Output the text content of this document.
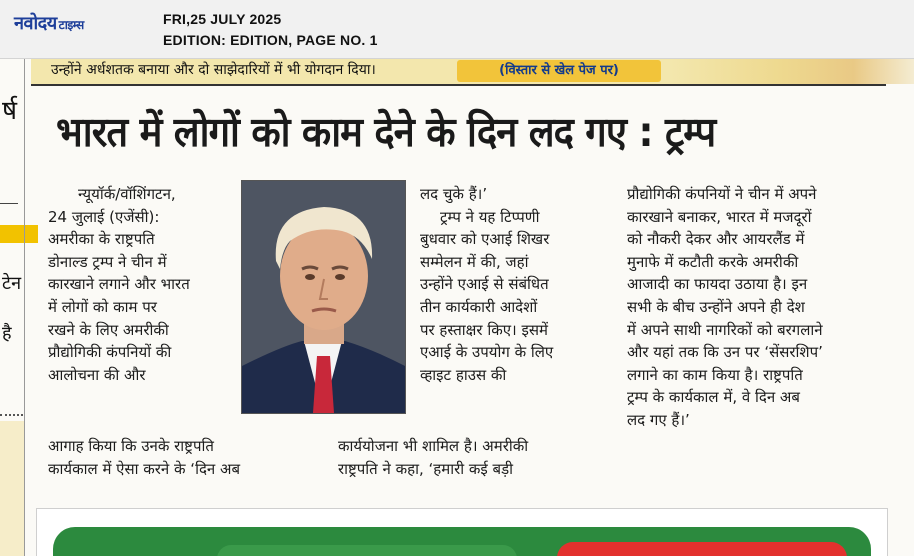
नवोदय टाइम्स	FRI,25 JULY 2025
EDITION: EDITION, PAGE NO. 1
र्ष
टेन
है
उन्होंने अर्धशतक बनाया और दो साझेदारियों में भी योगदान दिया।	(विस्तार से खेल पेज पर)
भारत में लोगों को काम देने के दिन लद गए : ट्रम्प

न्यूयॉर्क/वॉशिंगटन,

24 जुलाई (एजेंसी):

अमरीका के राष्ट्रपति

डोनाल्ड ट्रम्प ने चीन में

कारखाने लगाने और भारत

में लोगों को काम पर

रखने के लिए अमरीकी

प्रौद्योगिकी कंपनियों की

आलोचना की और

लद चुके हैं।’

ट्रम्प ने यह टिप्पणी

बुधवार को एआई शिखर

सम्मेलन में की, जहां

उन्होंने एआई से संबंधित

तीन कार्यकारी आदेशों

पर हस्ताक्षर किए। इसमें

एआई के उपयोग के लिए

व्हाइट हाउस की

आगाह किया कि उनके राष्ट्रपति

कार्यकाल में ऐसा करने के ‘दिन अब

कार्ययोजना भी शामिल है। अमरीकी

राष्ट्रपति ने कहा, ‘हमारी कई बड़ी

प्रौद्योगिकी कंपनियों ने चीन में अपने

कारखाने बनाकर, भारत में मजदूरों

को नौकरी देकर और आयरलैंड में

मुनाफे में कटौती करके अमरीकी

आजादी का फायदा उठाया है। इन

सभी के बीच उन्होंने अपने ही देश

में अपने साथी नागरिकों को बरगलाने

और यहां तक कि उन पर ‘सेंसरशिप’

लगाने का काम किया है। राष्ट्रपति

ट्रम्प के कार्यकाल में, वे दिन अब

लद गए हैं।’
